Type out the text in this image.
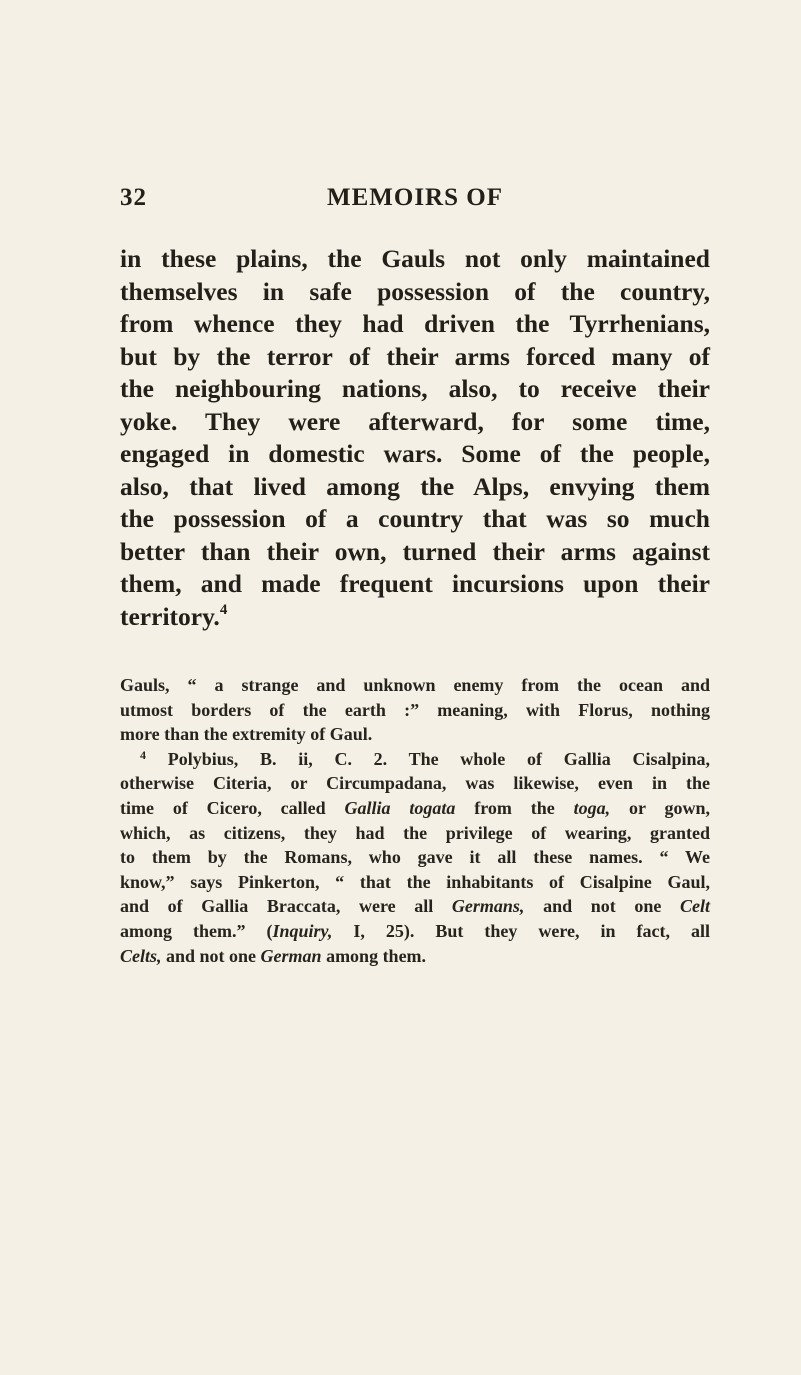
32	MEMOIRS OF
in these plains, the Gauls not only maintained
themselves in safe possession of the country,
from whence they had driven the Tyrrhenians,
but by the terror of their arms forced many of
the neighbouring nations, also, to receive their
yoke. They were afterward, for some time,
engaged in domestic wars. Some of the people,
also, that lived among the Alps, envying them
the possession of a country that was so much
better than their own, turned their arms against
them, and made frequent incursions upon their
territory.$^4$
Gauls, “ a strange and unknown enemy from the ocean and
utmost borders of the earth :” meaning, with Florus, nothing
more than the extremity of Gaul.
$^4$ Polybius, B. ii, C. 2. The whole of Gallia Cisalpina,
otherwise Citeria, or Circumpadana, was likewise, even in the
time of Cicero, called Gallia togata from the toga, or gown,
which, as citizens, they had the privilege of wearing, granted
to them by the Romans, who gave it all these names. “ We
know,” says Pinkerton, “ that the inhabitants of Cisalpine Gaul,
and of Gallia Braccata, were all Germans, and not one Celt
among them.” (Inquiry, I, 25). But they were, in fact, all
Celts, and not one German among them.
